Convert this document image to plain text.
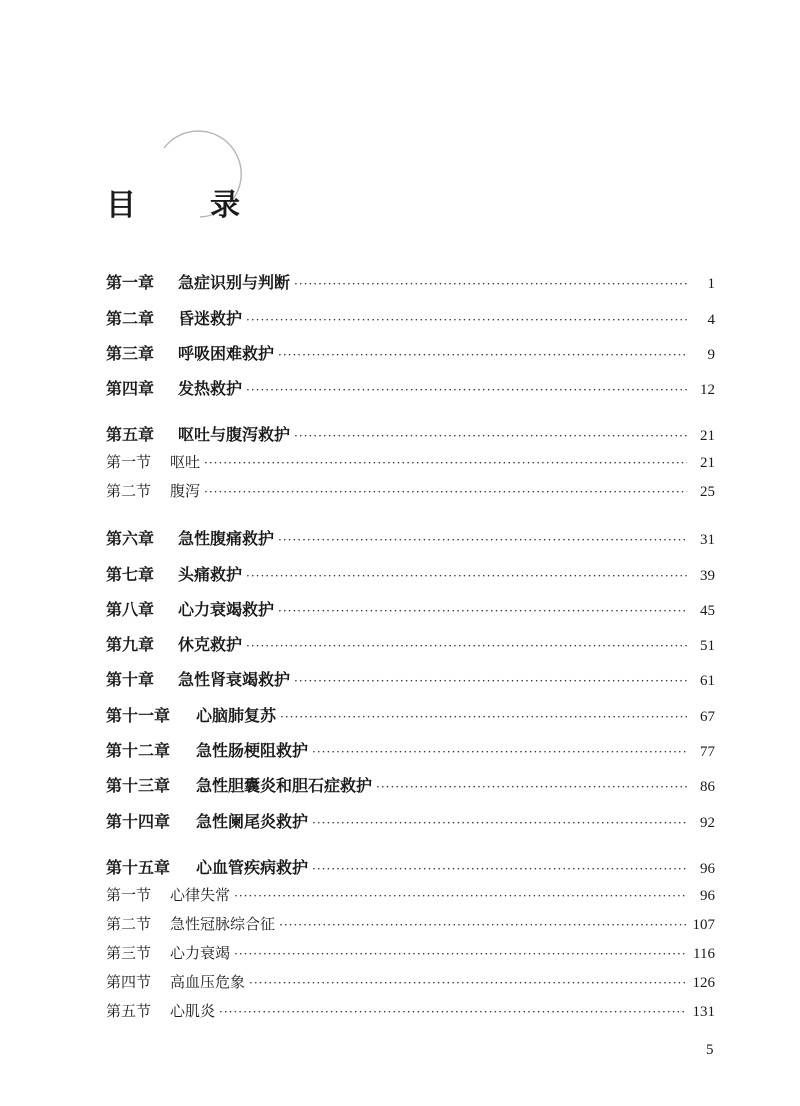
目　录
第一章	急症识别与判断 ·····	1
第二章	昏迷救护 ·····	4
第三章	呼吸困难救护 ·····	9
第四章	发热救护 ·····	12
第五章	呕吐与腹泻救护 ·····	21
第一节	呕吐 ·····	21
第二节	腹泻 ·····	25
第六章	急性腹痛救护 ·····	31
第七章	头痛救护 ·····	39
第八章	心力衰竭救护 ·····	45
第九章	休克救护 ·····	51
第十章	急性肾衰竭救护 ·····	61
第十一章	心脑肺复苏 ·····	67
第十二章	急性肠梗阻救护 ·····	77
第十三章	急性胆囊炎和胆石症救护 ·····	86
第十四章	急性阑尾炎救护 ·····	92
第十五章	心血管疾病救护 ·····	96
第一节	心律失常 ·····	96
第二节	急性冠脉综合征 ·····	107
第三节	心力衰竭 ·····	116
第四节	高血压危象 ·····	126
第五节	心肌炎 ·····	131
5
